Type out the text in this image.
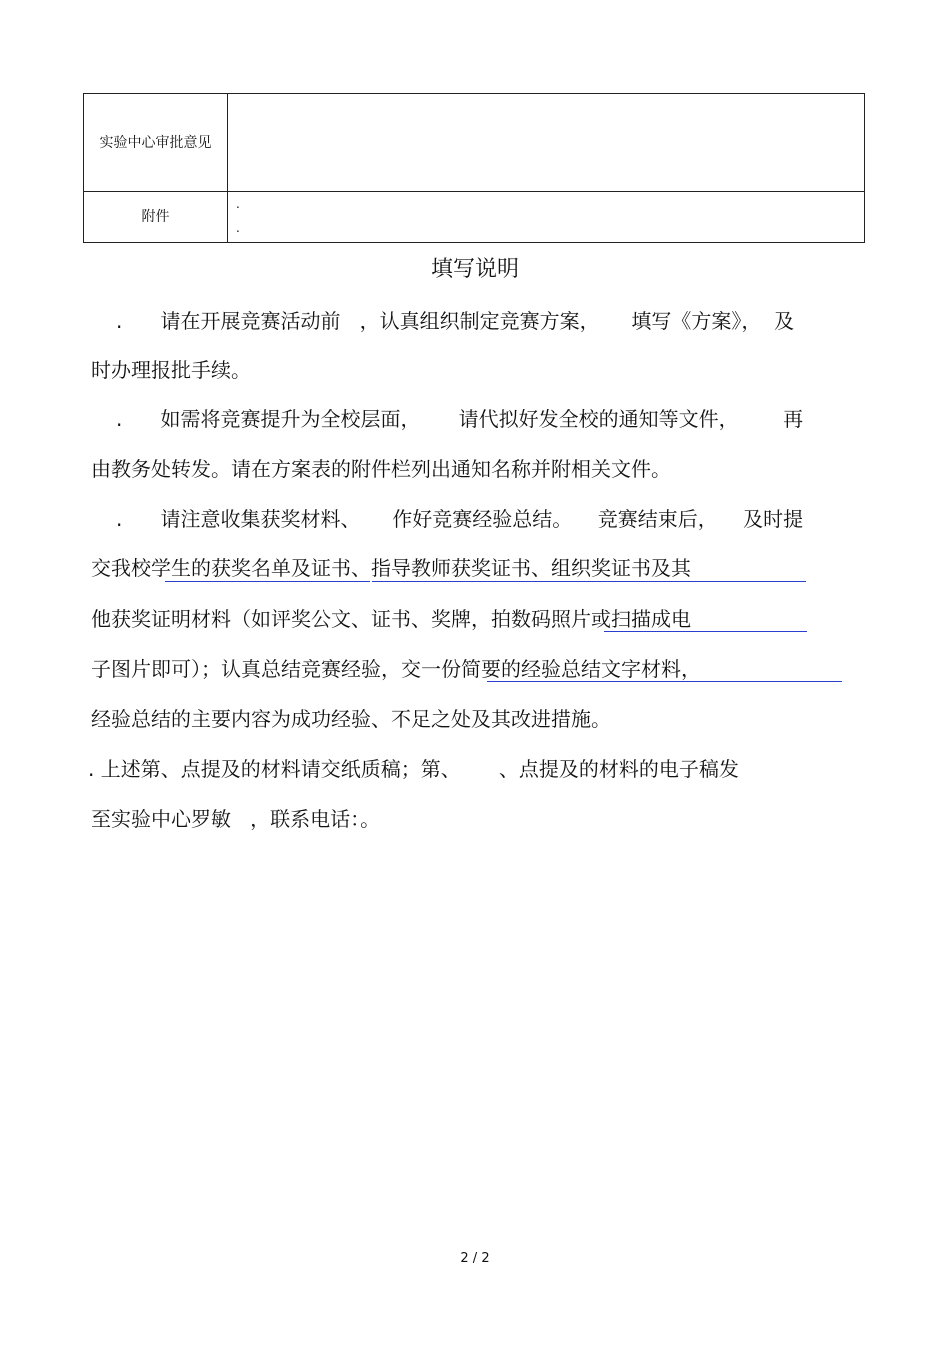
实验中心审批意见
附件
.
.
填写说明
.      请在开展竞赛活动前   ，认真组织制定竞赛方案，     填写《方案》，  及
时办理报批手续。
.      如需将竞赛提升为全校层面，      请代拟好发全校的通知等文件，       再
由教务处转发。请在方案表的附件栏列出通知名称并附相关文件。
.      请注意收集获奖材料、     作好竞赛经验总结。    竞赛结束后，    及时提
交我校学生的获奖名单及证书、指导教师获奖证书、组织奖证书及其
他获奖证明材料（如评奖公文、证书、奖牌，拍数码照片或扫描成电
子图片即可）；认真总结竞赛经验，交一份简要的经验总结文字材料，
经验总结的主要内容为成功经验、不足之处及其改进措施。
. 上述第、点提及的材料请交纸质稿；第、      、点提及的材料的电子稿发
至实验中心罗敏   ，联系电话：。
2 / 2
